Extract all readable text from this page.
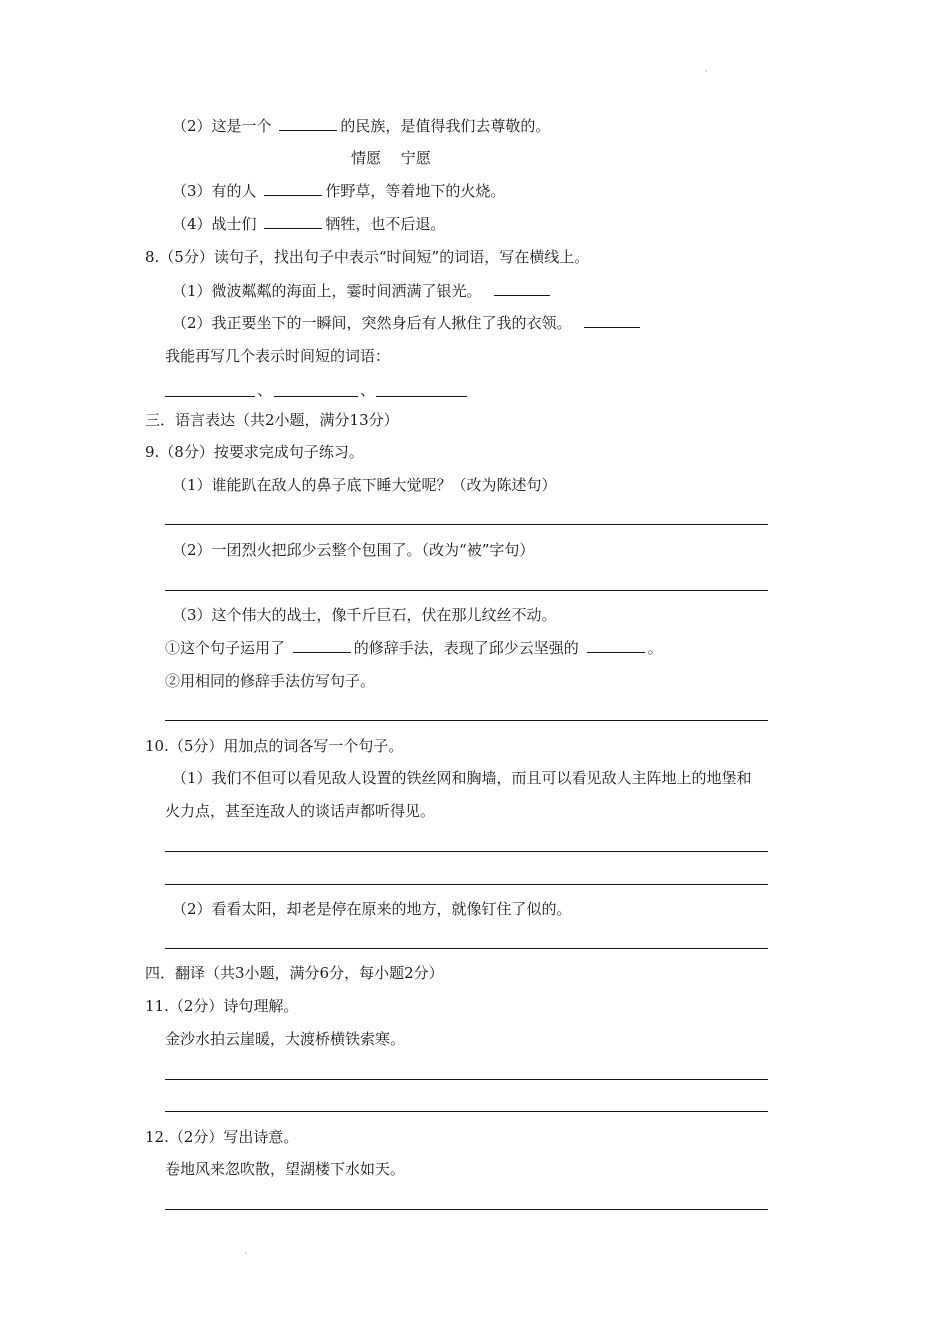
（2）这是一个	的民族，是值得我们去尊敬的。
情愿　 宁愿
（3）有的人	作野草，等着地下的火烧。
（4）战士们	牺牲，也不后退。
8.（5分）读句子，找出句子中表示“时间短”的词语，写在横线上。
（1）微波粼粼的海面上，霎时间洒满了银光。
（2）我正要坐下的一瞬间，突然身后有人揪住了我的衣领。
我能再写几个表示时间短的词语：
、	、
三．语言表达（共2小题，满分13分）
9.（8分）按要求完成句子练习。
（1）谁能趴在敌人的鼻子底下睡大觉呢？（改为陈述句）
（2）一团烈火把邱少云整个包围了。（改为“被”字句）
（3）这个伟大的战士，像千斤巨石，伏在那儿纹丝不动。
①这个句子运用了	的修辞手法，表现了邱少云坚强的	。
②用相同的修辞手法仿写句子。
10.（5分）用加点的词各写一个句子。
（1）我们不但可以看见敌人设置的铁丝网和胸墙，而且可以看见敌人主阵地上的地堡和
火力点，甚至连敌人的谈话声都听得见。
（2）看看太阳，却老是停在原来的地方，就像钉住了似的。
四．翻译（共3小题，满分6分，每小题2分）
11.（2分）诗句理解。
金沙水拍云崖暖，大渡桥横铁索寒。
12.（2分）写出诗意。
卷地风来忽吹散，望湖楼下水如天。
